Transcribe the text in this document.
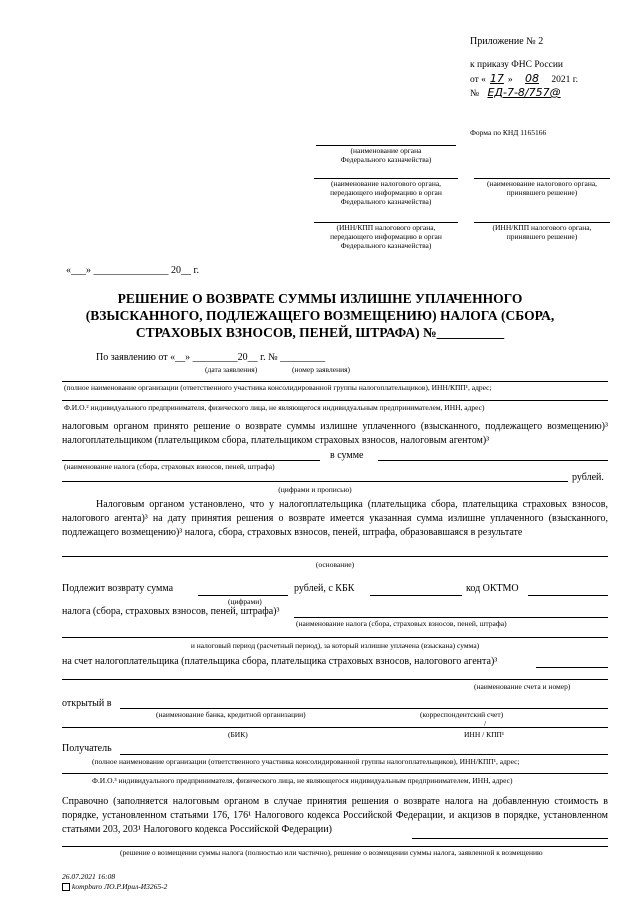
Приложение № 2
к приказу ФНС России
от « 17 » 08 2021 г.
№ ЕД-7-8/757@
Форма по КНД 1165166
(наименование органа
Федерального казначейства)
(наименование налогового органа,
передающего информацию в орган
Федерального казначейства)
(наименование налогового органа,
принявшего решение)
(ИНН/КПП налогового органа,
передающего информацию в орган
Федерального казначейства)
(ИНН/КПП налогового органа,
принявшего решение)
«___» _______________ 20__ г.
РЕШЕНИЕ О ВОЗВРАТЕ СУММЫ ИЗЛИШНЕ УПЛАЧЕННОГО
(ВЗЫСКАННОГО, ПОДЛЕЖАЩЕГО ВОЗМЕЩЕНИЮ) НАЛОГА (СБОРА,
СТРАХОВЫХ ВЗНОСОВ, ПЕНЕЙ, ШТРАФА) №__________
По заявлению от «__» _________20__ г. № _________
(дата заявления)	(номер заявления)
(полное наименование организации (ответственного участника консолидированной группы налогоплательщиков), ИНН/КПП¹, адрес;
Ф.И.О.² индивидуального предпринимателя, физического лица, не являющегося индивидуальным предпринимателем, ИНН, адрес)
налоговым органом принято решение о возврате суммы излишне уплаченного (взысканного, подлежащего возмещению)³ налогоплательщиком (плательщиком сбора, плательщиком страховых взносов, налоговым агентом)³
в сумме
(наименование налога (сбора, страховых взносов, пеней, штрафа)
рублей.
(цифрами и прописью)
Налоговым органом установлено, что у налогоплательщика (плательщика сбора, плательщика страховых взносов, налогового агента)³ на дату принятия решения о возврате имеется указанная сумма излишне уплаченного (взысканного, подлежащего возмещению)³ налога, сбора, страховых взносов, пеней, штрафа, образовавшаяся в результате
(основание)
Подлежит возврату сумма	рублей, с КБК	код ОКТМО
(цифрами)
налога (сбора, страховых взносов, пеней, штрафа)³
(наименование налога (сбора, страховых взносов, пеней, штрафа)
и налоговый период (расчетный период), за который излишне уплачена (взыскана) сумма)
на счет налогоплательщика (плательщика сбора, плательщика страховых взносов, налогового агента)³
(наименование счета и номер)
открытый в
(наименование банка, кредитной организации)	(корреспондентский счет)
/
(БИК)	ИНН / КПП¹
Получатель
(полное наименование организации (ответственного участника консолидированной группы налогоплательщиков), ИНН/КПП¹, адрес;
Ф.И.О.³ индивидуального предпринимателя, физического лица, не являющегося индивидуальным предпринимателем, ИНН, адрес)
Справочно (заполняется налоговым органом в случае принятия решения о возврате налога на добавленную стоимость в порядке, установленном статьями 176, 176¹ Налогового кодекса Российской Федерации, и акцизов в порядке, установленном статьями 203, 203¹ Налогового кодекса Российской Федерации)
(решение о возмещении суммы налога (полностью или частично), решение о возмещении суммы налога, заявленной к возмещению
26.07.2021 16:08
kompburo ЛО.Р.Ирил-И3265-2
